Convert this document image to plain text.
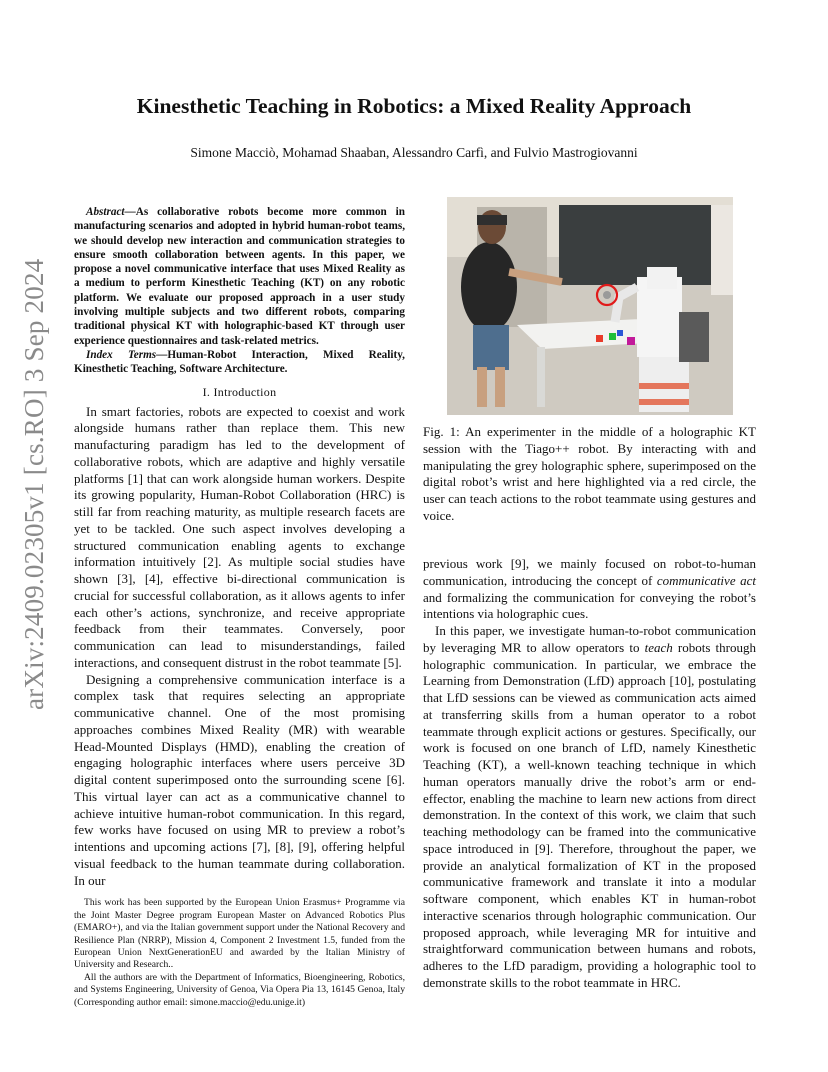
arXiv:2409.02305v1 [cs.RO] 3 Sep 2024
Kinesthetic Teaching in Robotics: a Mixed Reality Approach
Simone Macciò, Mohamad Shaaban, Alessandro Carfì, and Fulvio Mastrogiovanni

Abstract—As collaborative robots become more common in manufacturing scenarios and adopted in hybrid human-robot teams, we should develop new interaction and communication strategies to ensure smooth collaboration between agents. In this paper, we propose a novel communicative interface that uses Mixed Reality as a medium to perform Kinesthetic Teaching (KT) on any robotic platform. We evaluate our proposed approach in a user study involving multiple subjects and two different robots, comparing traditional physical KT with holographic-based KT through user experience questionnaires and task-related metrics.

Index Terms—Human-Robot Interaction, Mixed Reality, Kinesthetic Teaching, Software Architecture.

I. Introduction

In smart factories, robots are expected to coexist and work alongside humans rather than replace them. This new manufacturing paradigm has led to the development of collaborative robots, which are adaptive and highly versatile platforms [1] that can work alongside human workers. Despite its growing popularity, Human-Robot Collaboration (HRC) is still far from reaching maturity, as multiple research facets are yet to be tackled. One such aspect involves developing a structured communication enabling agents to exchange information intuitively [2]. As multiple social studies have shown [3], [4], effective bi-directional communication is crucial for successful collaboration, as it allows agents to infer each other’s actions, synchronize, and receive appropriate feedback from their teammates. Conversely, poor communication can lead to misunderstandings, failed interactions, and consequent distrust in the robot teammate [5].

Designing a comprehensive communication interface is a complex task that requires selecting an appropriate communicative channel. One of the most promising approaches combines Mixed Reality (MR) with wearable Head-Mounted Displays (HMD), enabling the creation of engaging holographic interfaces where users perceive 3D digital content superimposed onto the surrounding scene [6]. This virtual layer can act as a communicative channel to achieve intuitive human-robot communication. In this regard, few works have focused on using MR to preview a robot’s intentions and upcoming actions [7], [8], [9], offering helpful visual feedback to the human teammate during collaboration. In our

This work has been supported by the European Union Erasmus+ Programme via the Joint Master Degree program European Master on Advanced Robotics Plus (EMARO+), and via the Italian government support under the National Recovery and Resilience Plan (NRRP), Mission 4, Component 2 Investment 1.5, funded from the European Union NextGenerationEU and awarded by the Italian Ministry of University and Research..

All the authors are with the Department of Informatics, Bioengineering, Robotics, and Systems Engineering, University of Genoa, Via Opera Pia 13, 16145 Genoa, Italy (Corresponding author email: simone.maccio@edu.unige.it)

Fig. 1: An experimenter in the middle of a holographic KT session with the Tiago++ robot. By interacting with and manipulating the grey holographic sphere, superimposed on the digital robot’s wrist and here highlighted via a red circle, the user can teach actions to the robot teammate using gestures and voice.

previous work [9], we mainly focused on robot-to-human communication, introducing the concept of communicative act and formalizing the communication for conveying the robot’s intentions via holographic cues.

In this paper, we investigate human-to-robot communication by leveraging MR to allow operators to teach robots through holographic communication. In particular, we embrace the Learning from Demonstration (LfD) approach [10], postulating that LfD sessions can be viewed as communication acts aimed at transferring skills from a human operator to a robot teammate through explicit actions or gestures. Specifically, our work is focused on one branch of LfD, namely Kinesthetic Teaching (KT), a well-known teaching technique in which human operators manually drive the robot’s arm or end-effector, enabling the machine to learn new actions from direct demonstration. In the context of this work, we claim that such teaching methodology can be framed into the communicative space introduced in [9]. Therefore, throughout the paper, we provide an analytical formalization of KT in the proposed communicative framework and translate it into a modular software component, which enables KT in human-robot interactive scenarios through holographic communication. Our proposed approach, while leveraging MR for intuitive and straightforward communication between humans and robots, adheres to the LfD paradigm, providing a holographic tool to demonstrate skills to the robot teammate in HRC.
